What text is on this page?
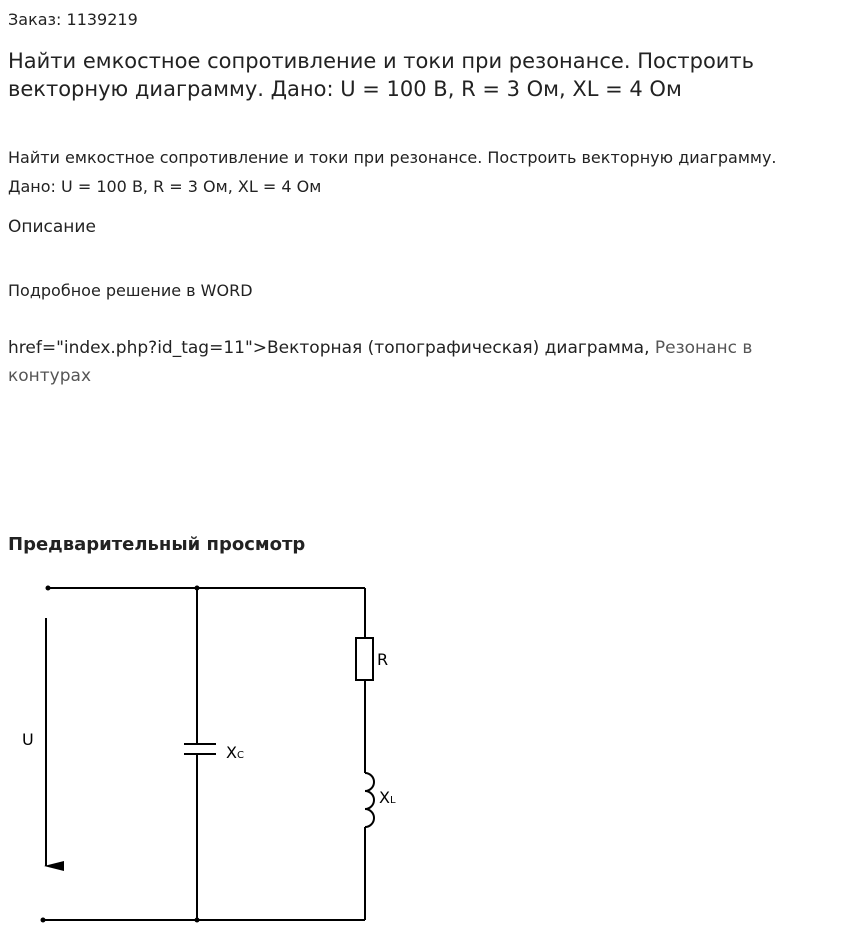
Заказ: 1139219
Найти емкостное сопротивление и токи при резонансе. Построить векторную диаграмму. Дано: U = 100 В, R = 3 Ом, XL = 4 Ом

Найти емкостное сопротивление и токи при резонансе. Построить векторную диаграмму. Дано: U = 100 В, R = 3 Ом, XL = 4 Ом

Описание
Подробное решение в WORD
href="index.php?id_tag=11">Векторная (топографическая) диаграмма, Резонанс в контурах
Предварительный просмотр
U
XC
R
XL
